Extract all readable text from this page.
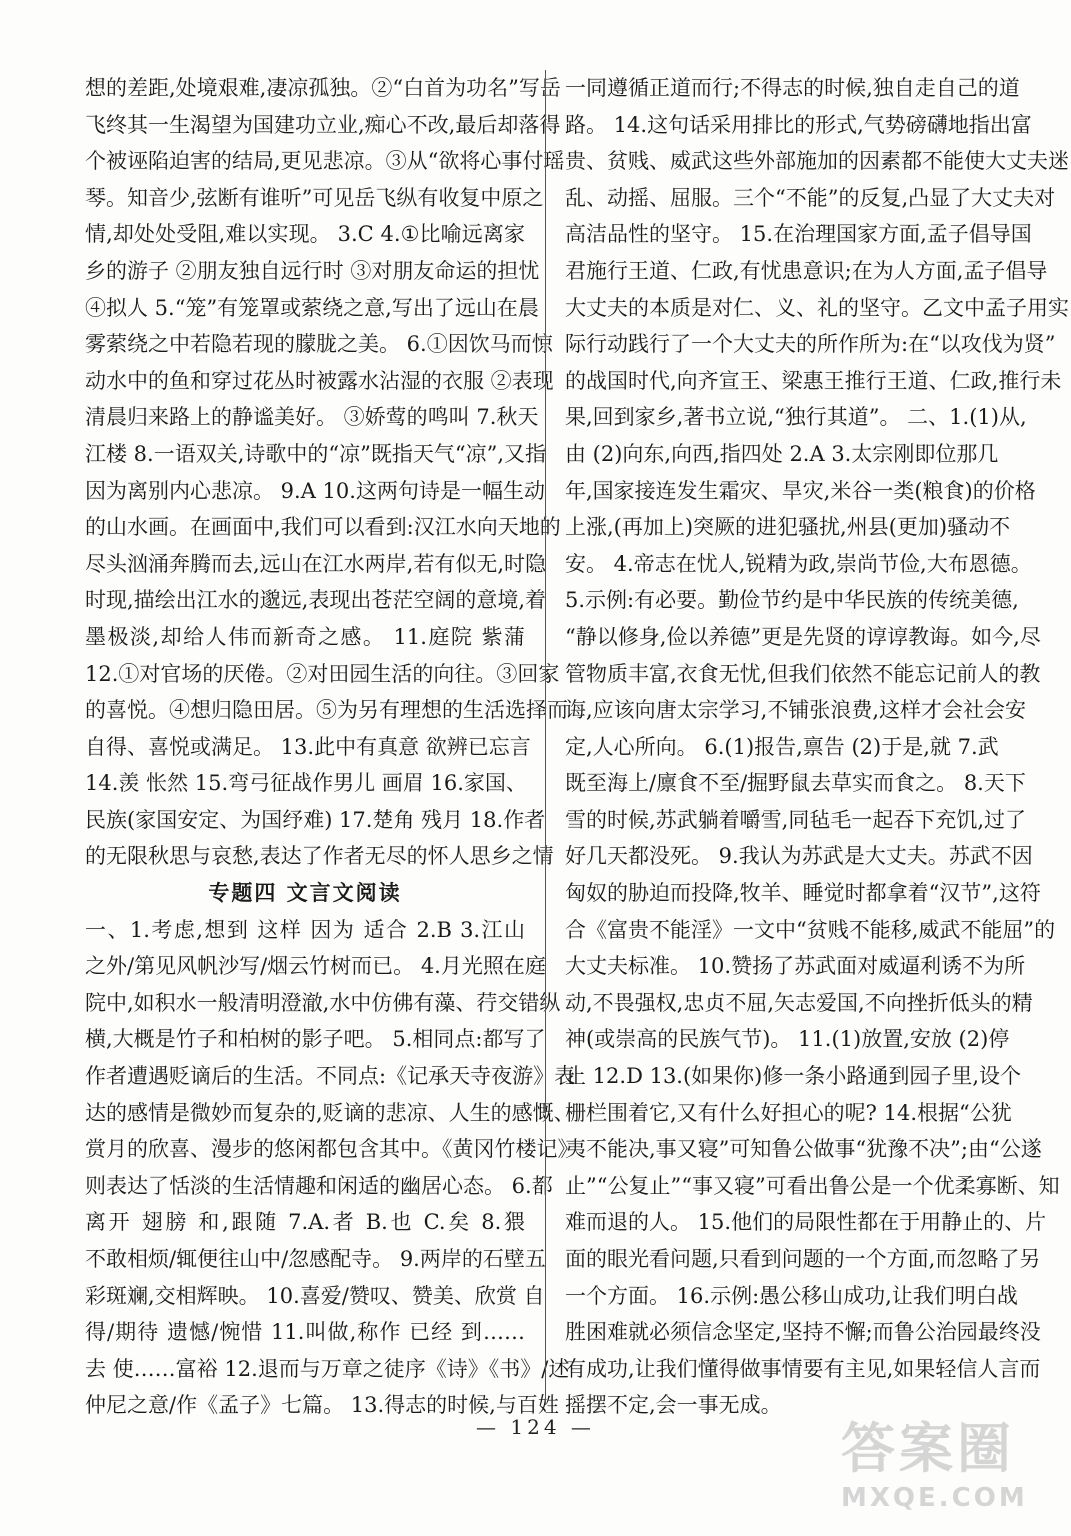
想的差距,处境艰难,凄凉孤独。②“白首为功名”写岳
飞终其一生渴望为国建功立业,痴心不改,最后却落得
个被诬陷迫害的结局,更见悲凉。③从“欲将心事付瑶
琴。知音少,弦断有谁听”可见岳飞纵有收复中原之
情,却处处受阻,难以实现。 3.C 4.①比喻远离家
乡的游子 ②朋友独自远行时 ③对朋友命运的担忧
④拟人 5.“笼”有笼罩或萦绕之意,写出了远山在晨
雾萦绕之中若隐若现的朦胧之美。 6.①因饮马而惊
动水中的鱼和穿过花丛时被露水沾湿的衣服 ②表现
清晨归来路上的静谧美好。 ③娇莺的鸣叫 7.秋天
江楼 8.一语双关,诗歌中的“凉”既指天气“凉”,又指
因为离别内心悲凉。 9.A 10.这两句诗是一幅生动
的山水画。在画面中,我们可以看到:汉江水向天地的
尽头汹涌奔腾而去,远山在江水两岸,若有似无,时隐
时现,描绘出江水的邈远,表现出苍茫空阔的意境,着
墨极淡,却给人伟而新奇之感。 11.庭院 紫蒲
12.①对官场的厌倦。②对田园生活的向往。③回家
的喜悦。④想归隐田居。⑤为另有理想的生活选择而
自得、喜悦或满足。 13.此中有真意 欲辨已忘言
14.羡 怅然 15.弯弓征战作男儿 画眉 16.家国、
民族(家国安定、为国纾难) 17.楚角 残月 18.作者
的无限秋思与哀愁,表达了作者无尽的怀人思乡之情
专题四 文言文阅读
一、1.考虑,想到 这样 因为 适合 2.B 3.江山
之外/第见风帆沙写/烟云竹树而已。 4.月光照在庭
院中,如积水一般清明澄澈,水中仿佛有藻、荇交错纵
横,大概是竹子和柏树的影子吧。 5.相同点:都写了
作者遭遇贬谪后的生活。不同点:《记承天寺夜游》表
达的感情是微妙而复杂的,贬谪的悲凉、人生的感慨、
赏月的欣喜、漫步的悠闲都包含其中。《黄冈竹楼记》
则表达了恬淡的生活情趣和闲适的幽居心态。 6.都
离开 翅膀 和,跟随 7.A.者 B.也 C.矣 8.猥
不敢相烦/辄便往山中/忽感配寺。 9.两岸的石壁五
彩斑斓,交相辉映。 10.喜爱/赞叹、赞美、欣赏 自
得/期待 遗憾/惋惜 11.叫做,称作 已经 到……
去 使……富裕 12.退而与万章之徒序《诗》《书》/述
仲尼之意/作《孟子》七篇。 13.得志的时候,与百姓
一同遵循正道而行;不得志的时候,独自走自己的道
路。 14.这句话采用排比的形式,气势磅礴地指出富
贵、贫贱、威武这些外部施加的因素都不能使大丈夫迷
乱、动摇、屈服。三个“不能”的反复,凸显了大丈夫对
高洁品性的坚守。 15.在治理国家方面,孟子倡导国
君施行王道、仁政,有忧患意识;在为人方面,孟子倡导
大丈夫的本质是对仁、义、礼的坚守。乙文中孟子用实
际行动践行了一个大丈夫的所作所为:在“以攻伐为贤”
的战国时代,向齐宣王、梁惠王推行王道、仁政,推行未
果,回到家乡,著书立说,“独行其道”。 二、1.(1)从,
由 (2)向东,向西,指四处 2.A 3.太宗刚即位那几
年,国家接连发生霜灾、旱灾,米谷一类(粮食)的价格
上涨,(再加上)突厥的进犯骚扰,州县(更加)骚动不
安。 4.帝志在忧人,锐精为政,崇尚节俭,大布恩德。
5.示例:有必要。勤俭节约是中华民族的传统美德,
“静以修身,俭以养德”更是先贤的谆谆教诲。如今,尽
管物质丰富,衣食无忧,但我们依然不能忘记前人的教
诲,应该向唐太宗学习,不铺张浪费,这样才会社会安
定,人心所向。 6.(1)报告,禀告 (2)于是,就 7.武
既至海上/廪食不至/掘野鼠去草实而食之。 8.天下
雪的时候,苏武躺着嚼雪,同毡毛一起吞下充饥,过了
好几天都没死。 9.我认为苏武是大丈夫。苏武不因
匈奴的胁迫而投降,牧羊、睡觉时都拿着“汉节”,这符
合《富贵不能淫》一文中“贫贱不能移,威武不能屈”的
大丈夫标准。 10.赞扬了苏武面对威逼利诱不为所
动,不畏强权,忠贞不屈,矢志爱国,不向挫折低头的精
神(或崇高的民族气节)。 11.(1)放置,安放 (2)停
止 12.D 13.(如果你)修一条小路通到园子里,设个
栅栏围着它,又有什么好担心的呢? 14.根据“公犹
夷不能决,事又寝”可知鲁公做事“犹豫不决”;由“公遂
止”“公复止”“事又寝”可看出鲁公是一个优柔寡断、知
难而退的人。 15.他们的局限性都在于用静止的、片
面的眼光看问题,只看到问题的一个方面,而忽略了另
一个方面。 16.示例:愚公移山成功,让我们明白战
胜困难就必须信念坚定,坚持不懈;而鲁公治园最终没
有成功,让我们懂得做事情要有主见,如果轻信人言而
摇摆不定,会一事无成。
— 124 —	答案圈
MXQE.COM
